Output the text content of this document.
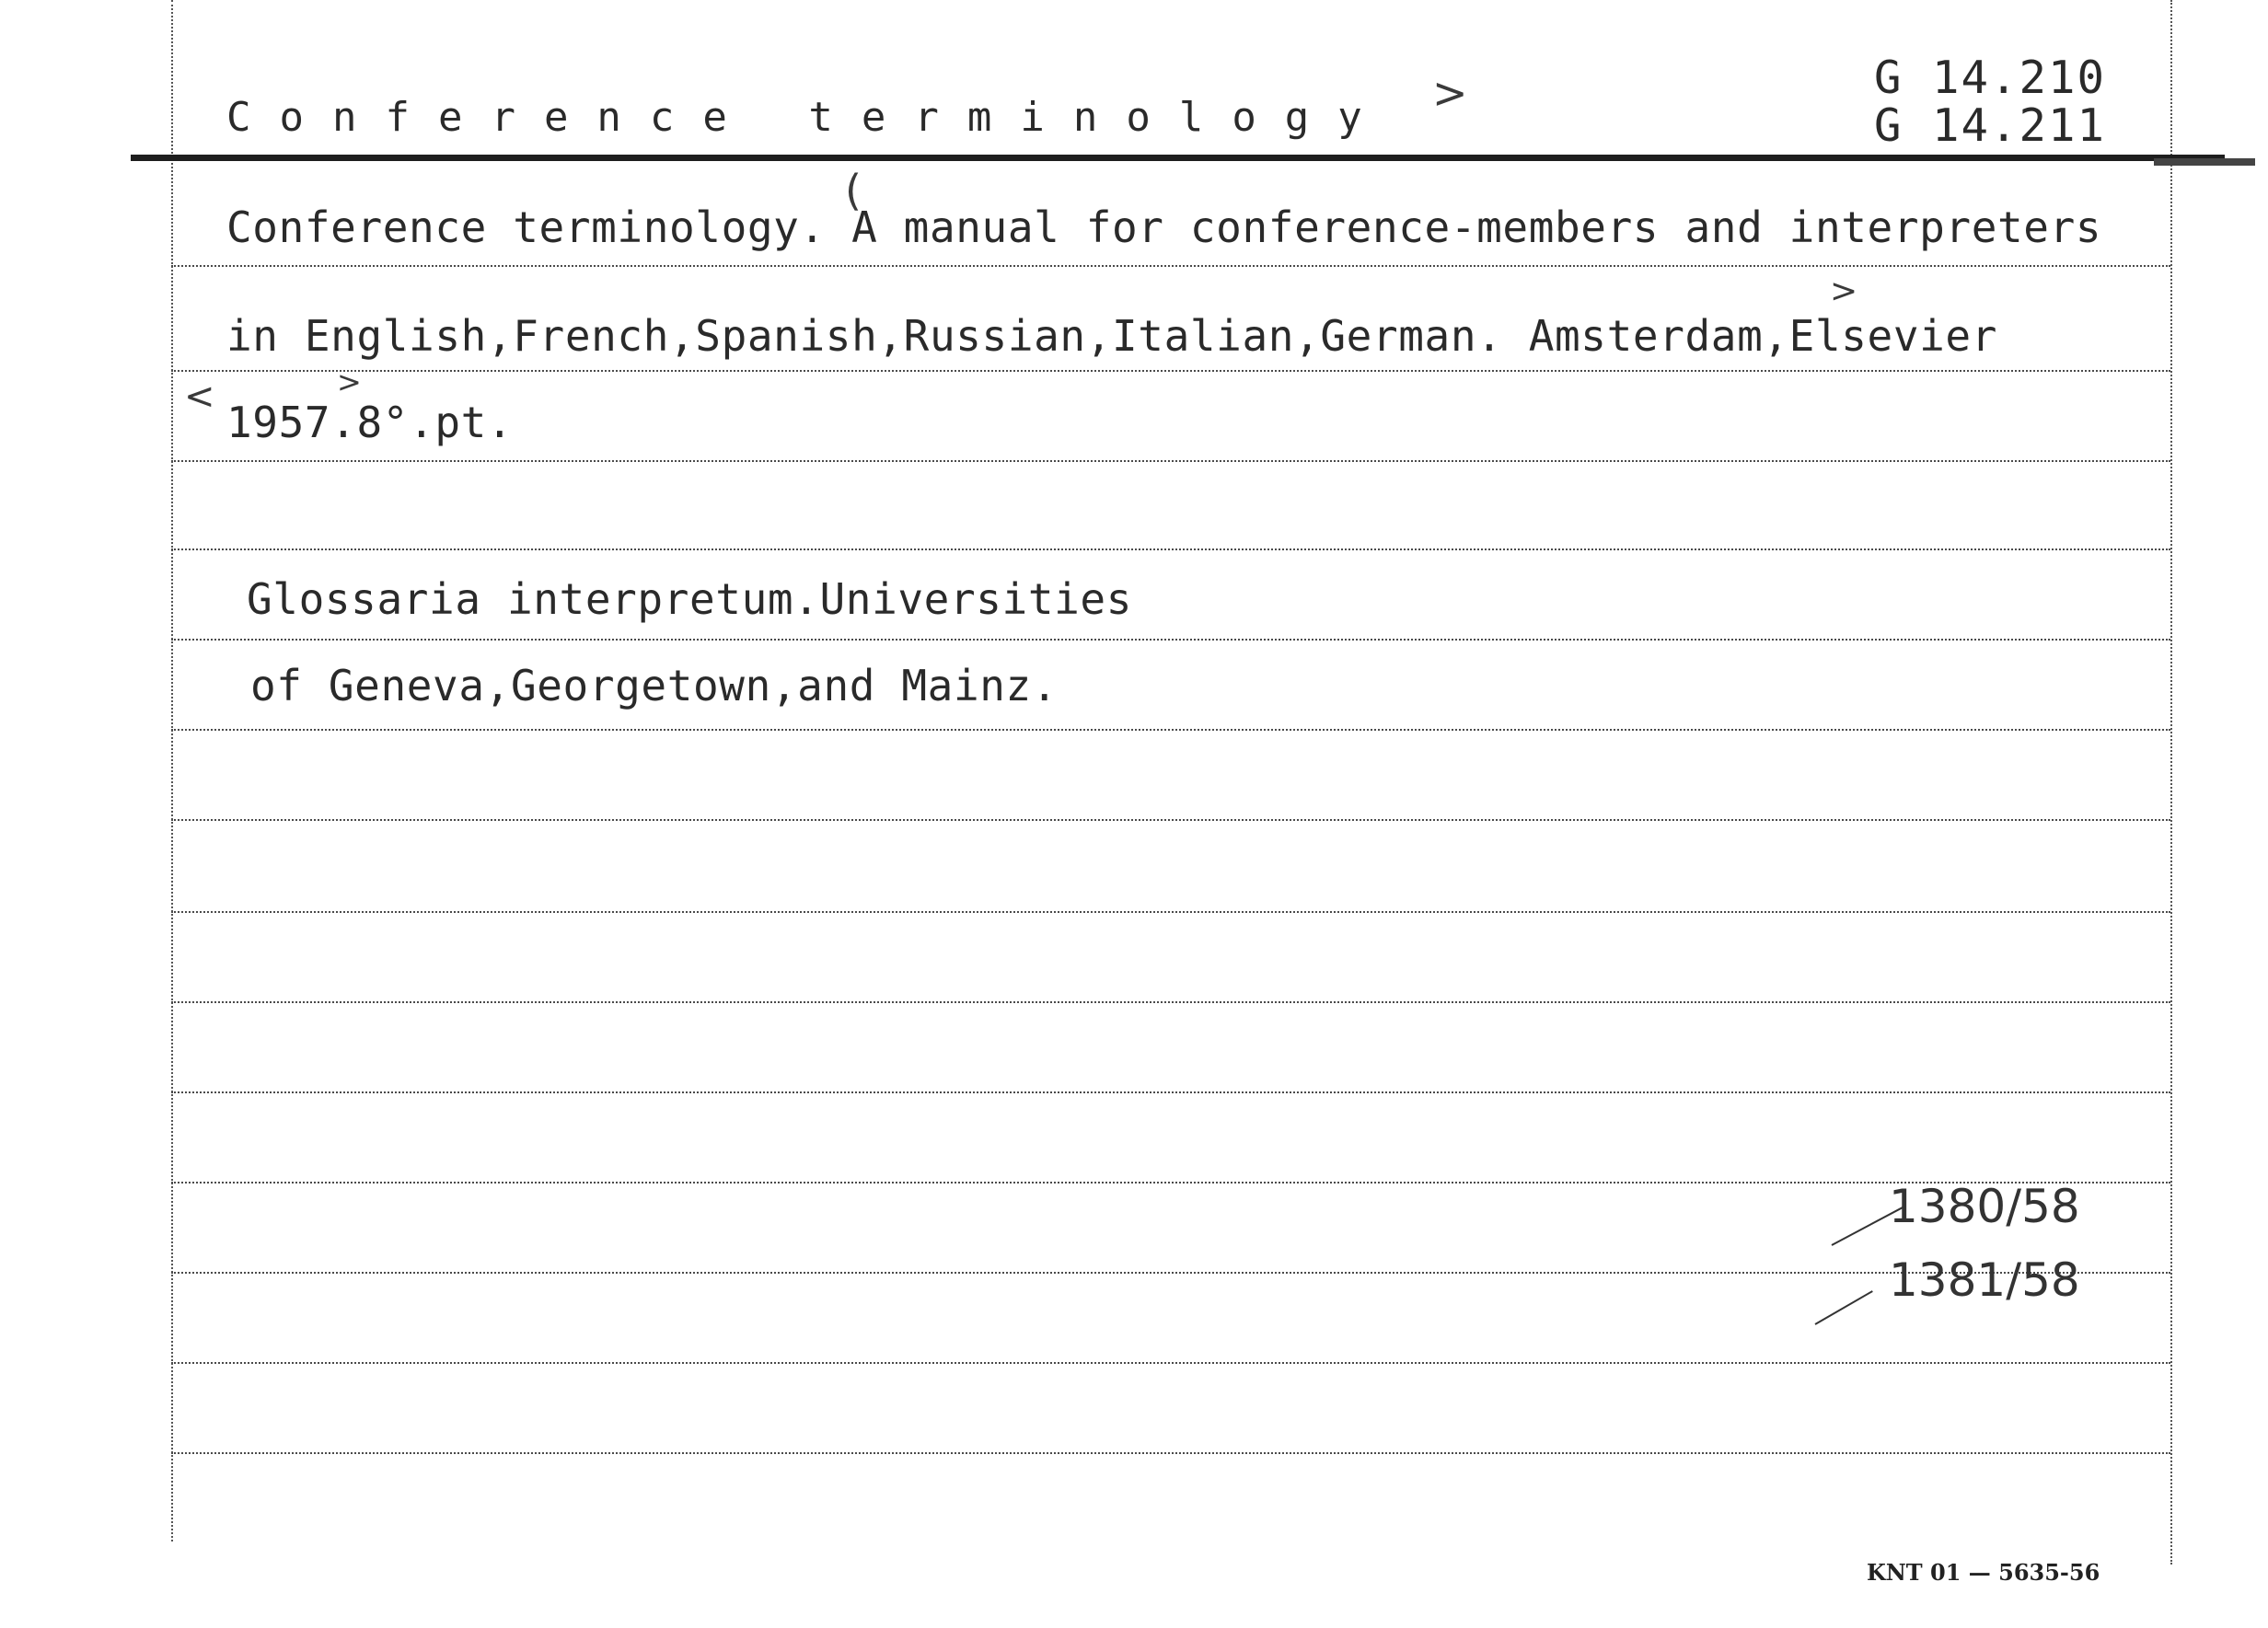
Conference terminology >	G 14.210
G 14.211
(
Conference terminology. A manual for conference-members and interpreters
>
in English,French,Spanish,Russian,Italian,German. Amsterdam,Elsevier
<	>
1957.8°.pt.
Glossaria interpretum.Universities
of Geneva,Georgetown,and Mainz.
1380/58
1381/58
KNT 01 — 5635-56
